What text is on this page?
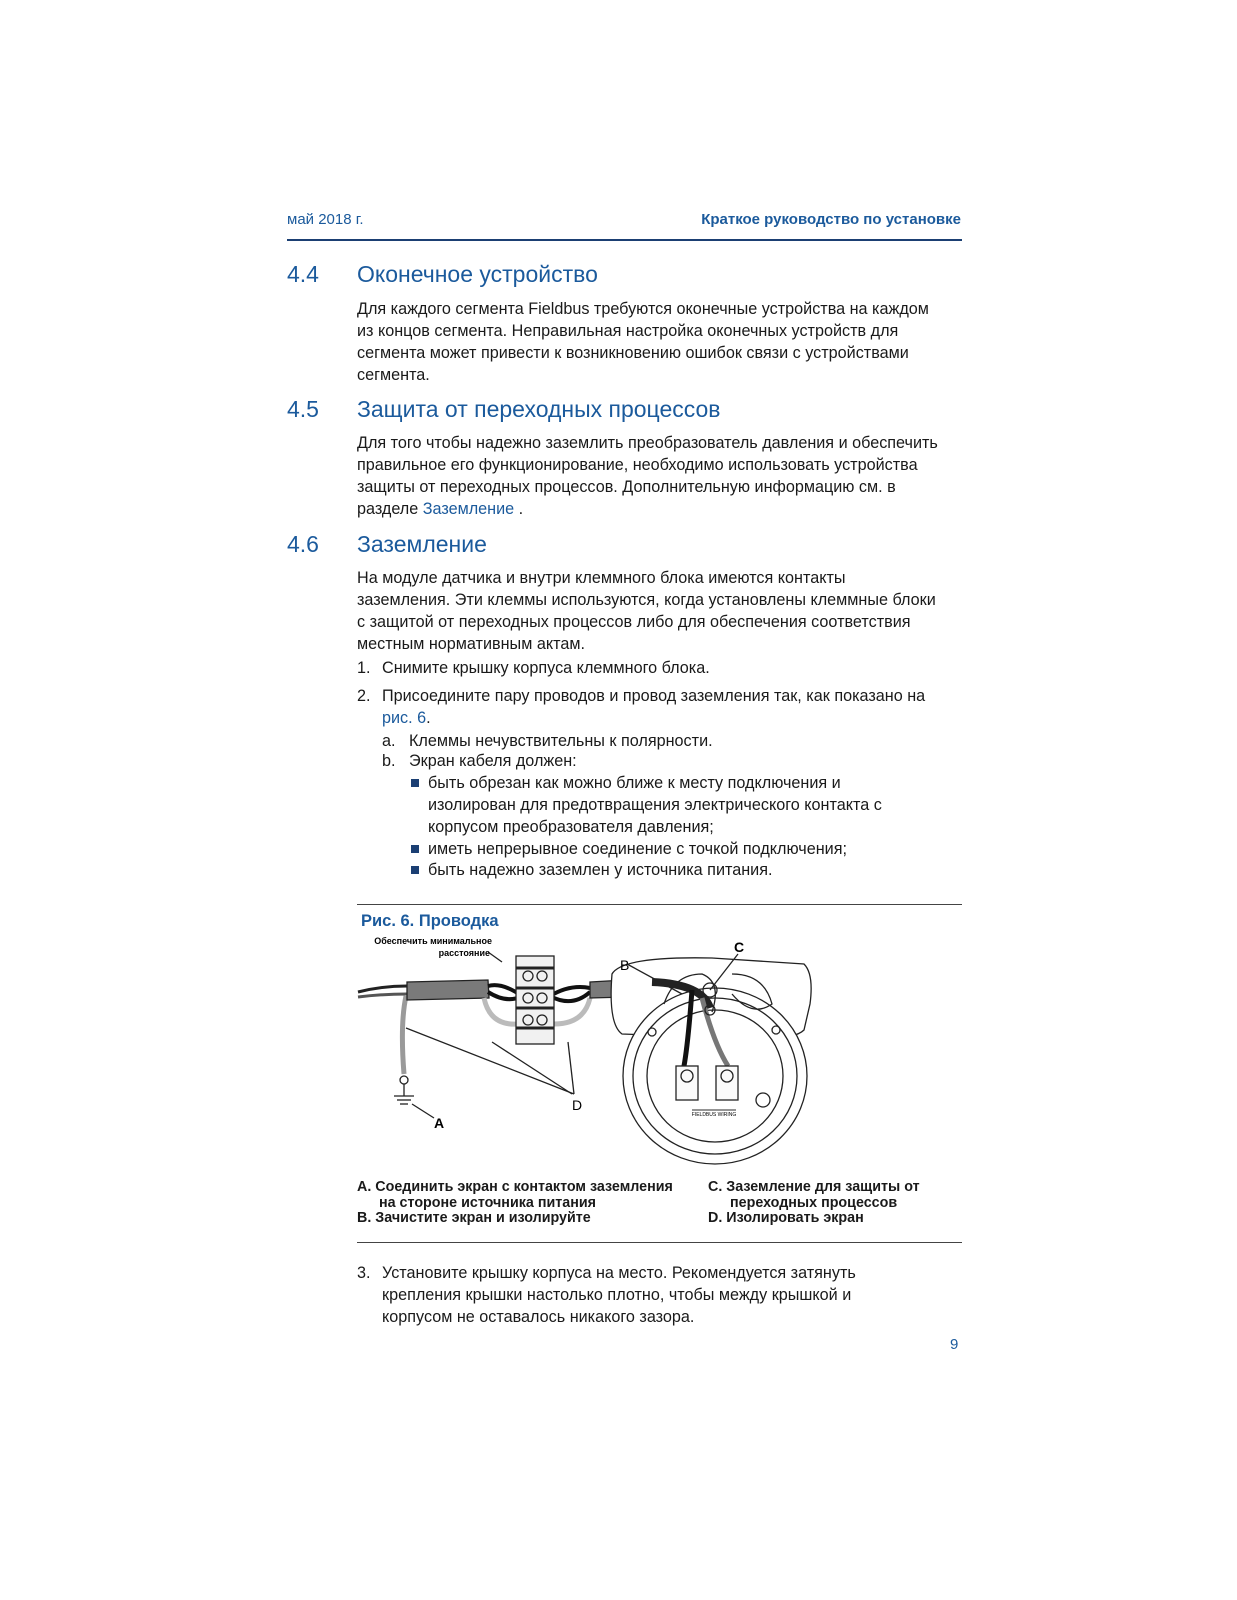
май 2018 г.	Краткое руководство по установке
4.4 Оконечное устройство
Для каждого сегмента Fieldbus требуются оконечные устройства на каждом
из концов сегмента. Неправильная настройка оконечных устройств для
сегмента может привести к возникновению ошибок связи с устройствами
сегмента.
4.5 Защита от переходных процессов
Для того чтобы надежно заземлить преобразователь давления и обеспечить
правильное его функционирование, необходимо использовать устройства
защиты от переходных процессов. Дополнительную информацию см. в
разделе Заземление .
4.6 Заземление
На модуле датчика и внутри клеммного блока имеются контакты
заземления. Эти клеммы используются, когда установлены клеммные блоки
с защитой от переходных процессов либо для обеспечения соответствия
местным нормативным актам.
1. Снимите крышку корпуса клеммного блока.
2. Присоедините пару проводов и провод заземления так, как показано на
рис. 6.
a. Клеммы нечувствительны к полярности.
b. Экран кабеля должен:
быть обрезан как можно ближе к месту подключения и
изолирован для предотвращения электрического контакта с
корпусом преобразователя давления;
иметь непрерывное соединение с точкой подключения;
быть надежно заземлен у источника питания.
Рис. 6. Проводка
Обеспечить минимальное
расстояние
A
B
C
D
FIELDBUS WIRING
A. Соединить экран с контактом заземления
на стороне источника питания
B. Зачистите экран и изолируйте
C. Заземление для защиты от
переходных процессов
D. Изолировать экран
3. Установите крышку корпуса на место. Рекомендуется затянуть
крепления крышки настолько плотно, чтобы между крышкой и
корпусом не оставалось никакого зазора.
9
